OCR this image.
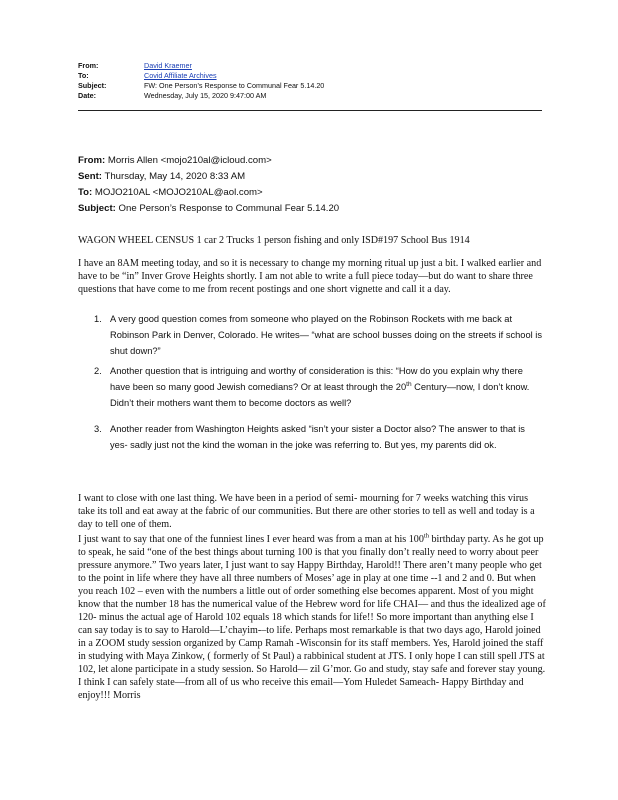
From:	David Kraemer
To:	Covid Affiliate Archives
Subject:	FW: One Person’s Response to Communal Fear 5.14.20
Date:	Wednesday, July 15, 2020 9:47:00 AM
From: Morris Allen <mojo210al@icloud.com>
Sent: Thursday, May 14, 2020 8:33 AM
To: MOJO210AL <MOJO210AL@aol.com>
Subject: One Person’s Response to Communal Fear 5.14.20
WAGON WHEEL CENSUS 1 car 2 Trucks 1 person fishing and only ISD#197 School Bus 1914

I have an 8AM meeting today, and so it is necessary to change my morning ritual up just a bit. I walked earlier and have to be “in” Inver Grove Heights shortly. I am not able to write a full piece today—but do want to share three questions that have come to me from recent postings and one short vignette and call it a day.

1. A very good question comes from someone who played on the Robinson Rockets with me back at Robinson Park in Denver, Colorado. He writes— “what are school busses doing on the streets if school is shut down?”
2. Another question that is intriguing and worthy of consideration is this: “How do you explain why there have been so many good Jewish comedians? Or at least through the 20th Century—now, I don’t know. Didn’t their mothers want them to become doctors as well?
3. Another reader from Washington Heights asked “isn’t your sister a Doctor also? The answer to that is yes- sadly just not the kind the woman in the joke was referring to. But yes, my parents did ok.

I want to close with one last thing. We have been in a period of semi- mourning for 7 weeks watching this virus take its toll and eat away at the fabric of our communities. But there are other stories to tell as well and today is a day to tell one of them.

I just want to say that one of the funniest lines I ever heard was from a man at his 100th birthday party. As he got up to speak, he said “one of the best things about turning 100 is that you finally don’t really need to worry about peer pressure anymore.” Two years later, I just want to say Happy Birthday, Harold!! There aren’t many people who get to the point in life where they have all three numbers of Moses’ age in play at one time --1 and 2 and 0. But when you reach 102 – even with the numbers a little out of order something else becomes apparent. Most of you might know that the number 18 has the numerical value of the Hebrew word for life CHAI— and thus the idealized age of 120- minus the actual age of Harold 102 equals 18 which stands for life!! So more important than anything else I can say today is to say to Harold—L’chayim-–to life. Perhaps most remarkable is that two days ago, Harold joined in a ZOOM study session organized by Camp Ramah -Wisconsin for its staff members. Yes, Harold joined the staff in studying with Maya Zinkow, ( formerly of St Paul) a rabbinical student at JTS. I only hope I can still spell JTS at 102, let alone participate in a study session. So Harold— zil G’mor. Go and study, stay safe and forever stay young. I think I can safely state—from all of us who receive this email—Yom Huledet Sameach- Happy Birthday and enjoy!!! Morris
